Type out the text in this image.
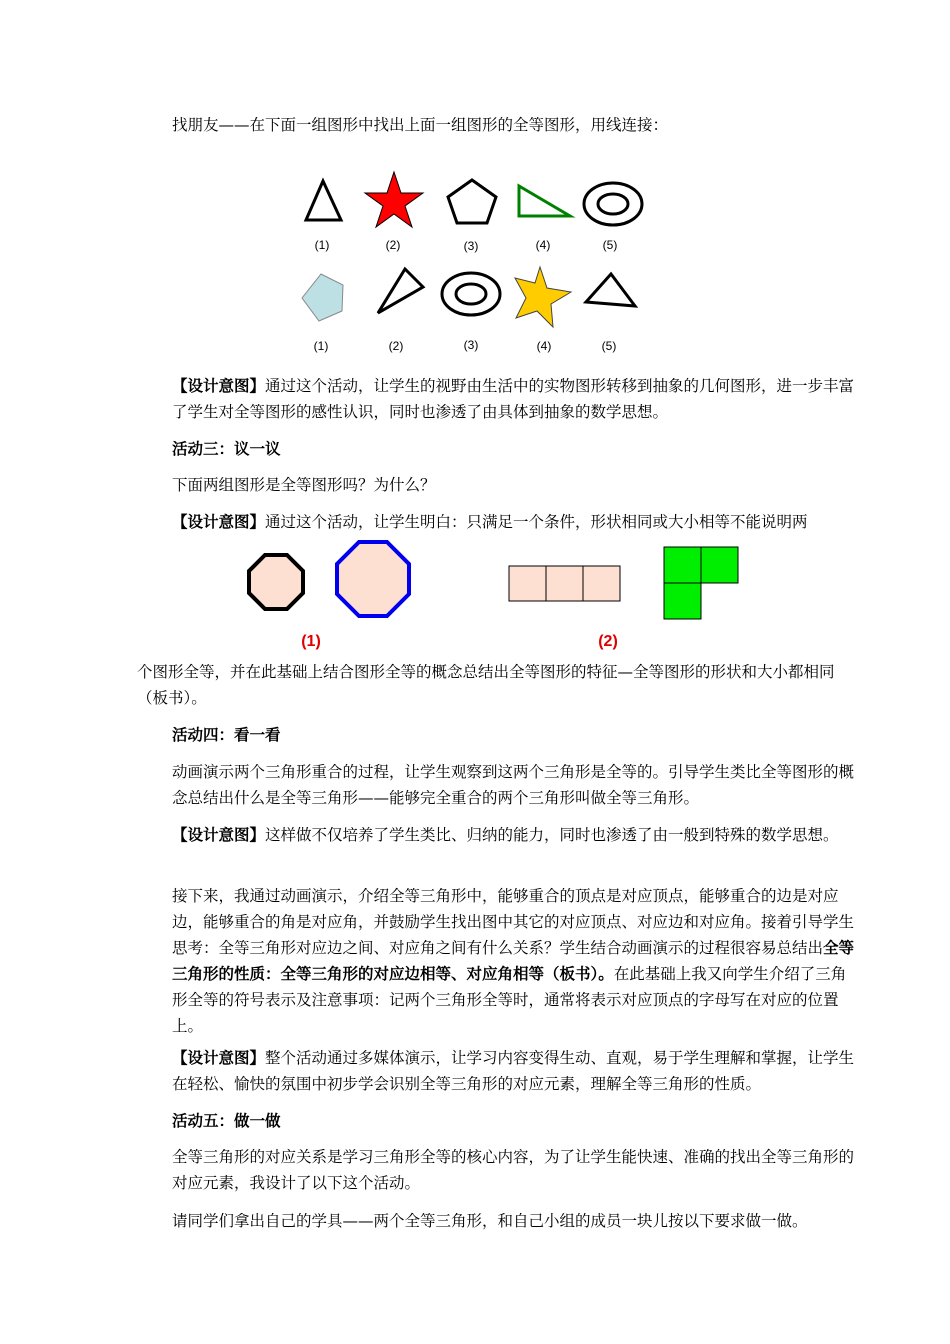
找朋友——在下面一组图形中找出上面一组图形的全等图形，用线连接：
(1)	(2)	(3)	(4)	(5)
(1)	(2)	(3)	(4)	(5)
【设计意图】通过这个活动，让学生的视野由生活中的实物图形转移到抽象的几何图形，进一步丰富了学生对全等图形的感性认识，同时也渗透了由具体到抽象的数学思想。
活动三：议一议
下面两组图形是全等图形吗？为什么？
【设计意图】通过这个活动，让学生明白：只满足一个条件，形状相同或大小相等不能说明两
(1)	(2)
个图形全等，并在此基础上结合图形全等的概念总结出全等图形的特征—全等图形的形状和大小都相同（板书）。
活动四：看一看
动画演示两个三角形重合的过程，让学生观察到这两个三角形是全等的。引导学生类比全等图形的概念总结出什么是全等三角形——能够完全重合的两个三角形叫做全等三角形。
【设计意图】这样做不仅培养了学生类比、归纳的能力，同时也渗透了由一般到特殊的数学思想。
接下来，我通过动画演示，介绍全等三角形中，能够重合的顶点是对应顶点，能够重合的边是对应边，能够重合的角是对应角，并鼓励学生找出图中其它的对应顶点、对应边和对应角。接着引导学生思考：全等三角形对应边之间、对应角之间有什么关系？学生结合动画演示的过程很容易总结出全等三角形的性质：全等三角形的对应边相等、对应角相等（板书）。在此基础上我又向学生介绍了三角形全等的符号表示及注意事项：记两个三角形全等时，通常将表示对应顶点的字母写在对应的位置上。
【设计意图】整个活动通过多媒体演示，让学习内容变得生动、直观，易于学生理解和掌握，让学生在轻松、愉快的氛围中初步学会识别全等三角形的对应元素，理解全等三角形的性质。
活动五：做一做
全等三角形的对应关系是学习三角形全等的核心内容，为了让学生能快速、准确的找出全等三角形的对应元素，我设计了以下这个活动。
请同学们拿出自己的学具——两个全等三角形，和自己小组的成员一块儿按以下要求做一做。
